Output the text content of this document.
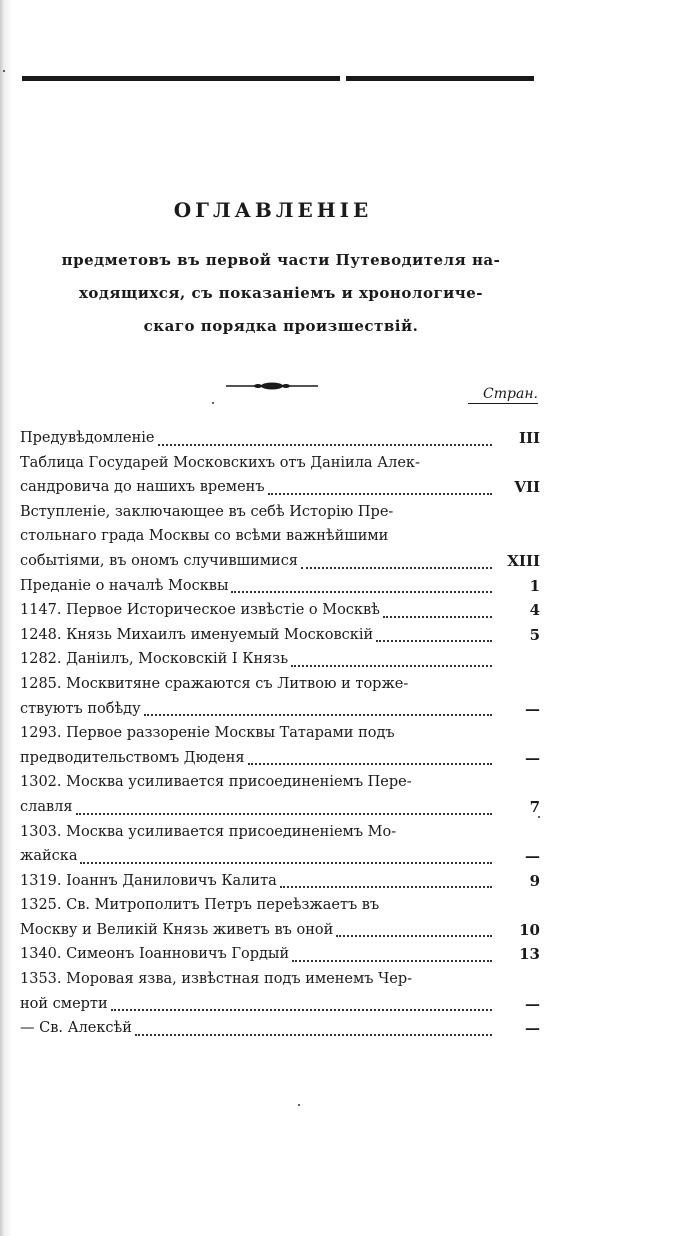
ОГЛАВЛЕНІЕ
предметовъ въ первой части Путеводителя на-
ходящихся, съ показаніемъ и хронологиче-
скаго порядка произшествій.
Стран.
Предувѣдомленіе	III
Таблица Государей Московскихъ отъ Даніила Алек-
сандровича до нашихъ временъ	VII
Вступленіе, заключающее въ себѣ Исторію Пре-
стольнаго града Москвы со всѣми важнѣйшими
событіями, въ ономъ случившимися	XIII
Преданіе о началѣ Москвы	1
1147. Первое Историческое извѣстіе о Москвѣ	4
1248. Князь Михаилъ именуемый Московскій	5
1282. Даніилъ, Московскій I Князь
1285. Москвитяне сражаются съ Литвою и торже-
ствуютъ побѣду	—
1293. Первое раззореніе Москвы Татарами подъ
предводительствомъ Дюденя	—
1302. Москва усиливается присоединеніемъ Пере-
славля	7
1303. Москва усиливается присоединеніемъ Мо-
жайска	—
1319. Іоаннъ Даниловичъ Калита	9
1325. Св. Митрополитъ Петръ переѣзжаетъ въ
Москву и Великій Князь живетъ въ оной	10
1340. Симеонъ Іоанновичъ Гордый	13
1353. Моровая язва, извѣстная подъ именемъ Чер-
ной смерти	—
— Св. Алексѣй	—
